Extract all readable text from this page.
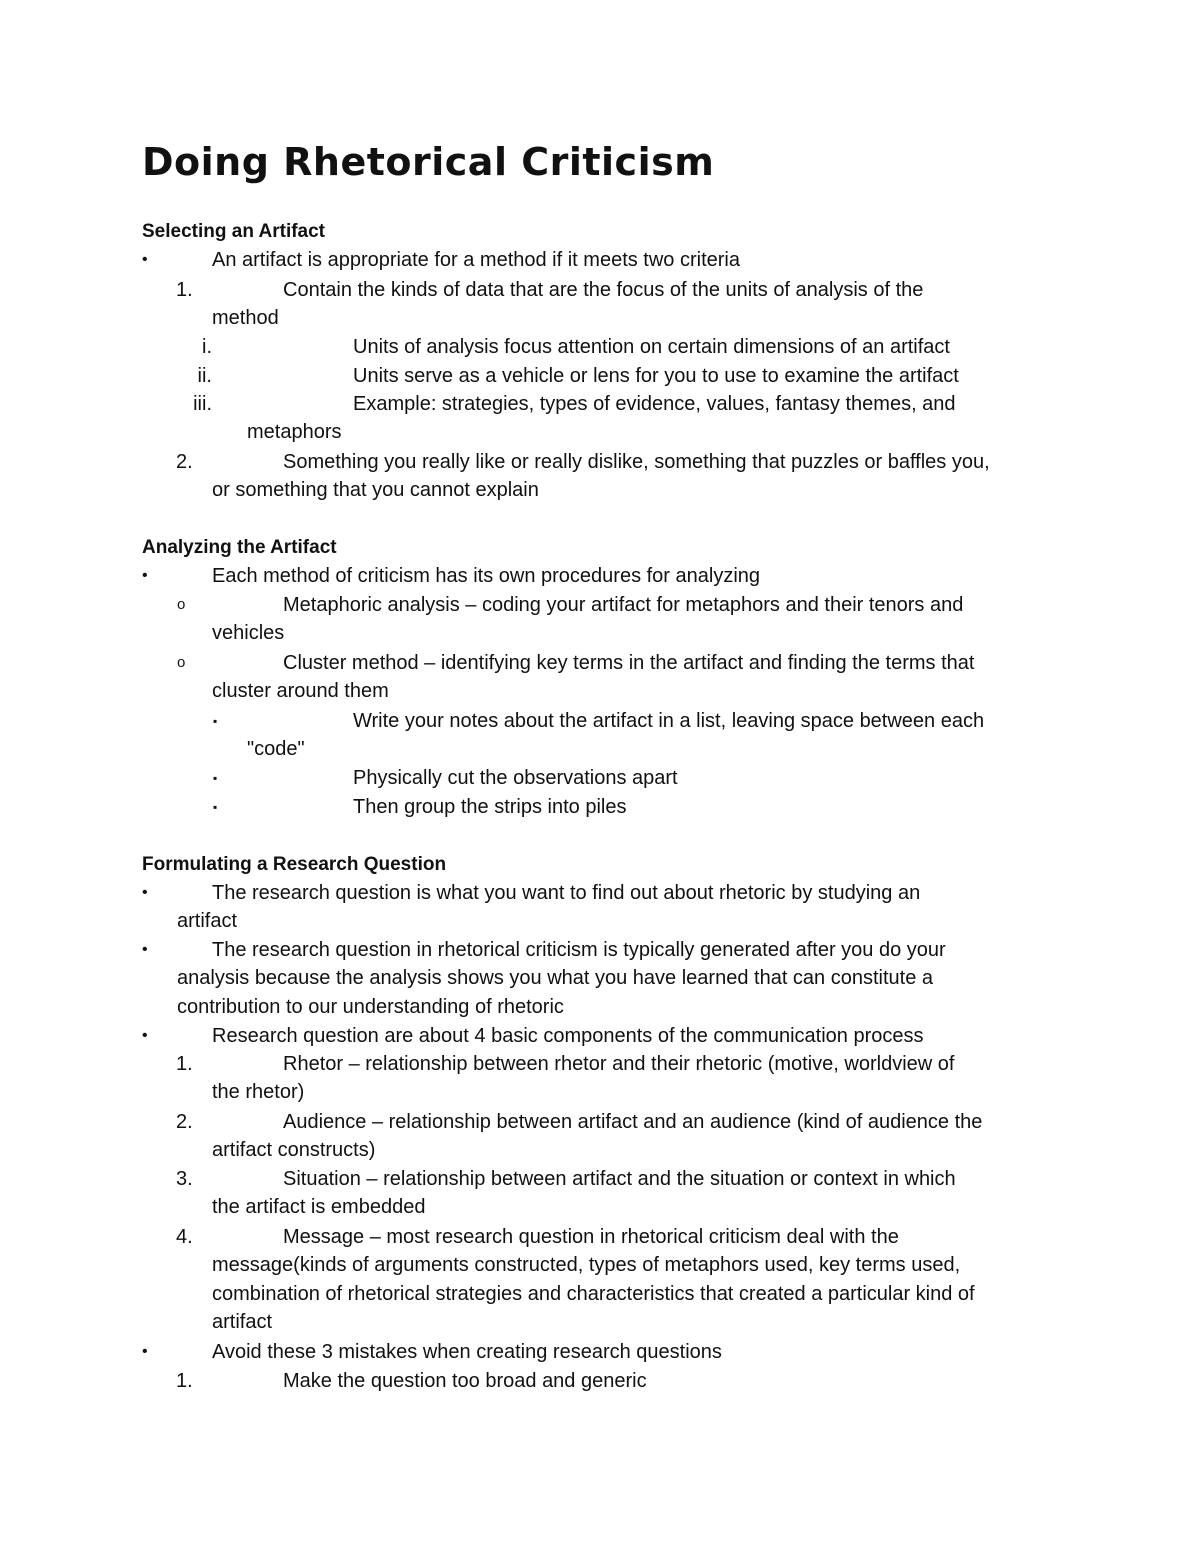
Doing Rhetorical Criticism
Selecting an Artifact
•	An artifact is appropriate for a method if it meets two criteria
1.	Contain the kinds of data that are the focus of the units of analysis of the
method
i.	Units of analysis focus attention on certain dimensions of an artifact
ii.	Units serve as a vehicle or lens for you to use to examine the artifact
iii.	Example: strategies, types of evidence, values, fantasy themes, and
metaphors
2.	Something you really like or really dislike, something that puzzles or baffles you,
or something that you cannot explain
Analyzing the Artifact
•	Each method of criticism has its own procedures for analyzing
o	Metaphoric analysis – coding your artifact for metaphors and their tenors and
vehicles
o	Cluster method – identifying key terms in the artifact and finding the terms that
cluster around them
▪	Write your notes about the artifact in a list, leaving space between each
"code"
▪	Physically cut the observations apart
▪	Then group the strips into piles
Formulating a Research Question
•	The research question is what you want to find out about rhetoric by studying an
artifact
•	The research question in rhetorical criticism is typically generated after you do your
analysis because the analysis shows you what you have learned that can constitute a
contribution to our understanding of rhetoric
•	Research question are about 4 basic components of the communication process
1.	Rhetor – relationship between rhetor and their rhetoric (motive, worldview of
the rhetor)
2.	Audience – relationship between artifact and an audience (kind of audience the
artifact constructs)
3.	Situation – relationship between artifact and the situation or context in which
the artifact is embedded
4.	Message – most research question in rhetorical criticism deal with the
message(kinds of arguments constructed, types of metaphors used, key terms used,
combination of rhetorical strategies and characteristics that created a particular kind of
artifact
•	Avoid these 3 mistakes when creating research questions
1.	Make the question too broad and generic
